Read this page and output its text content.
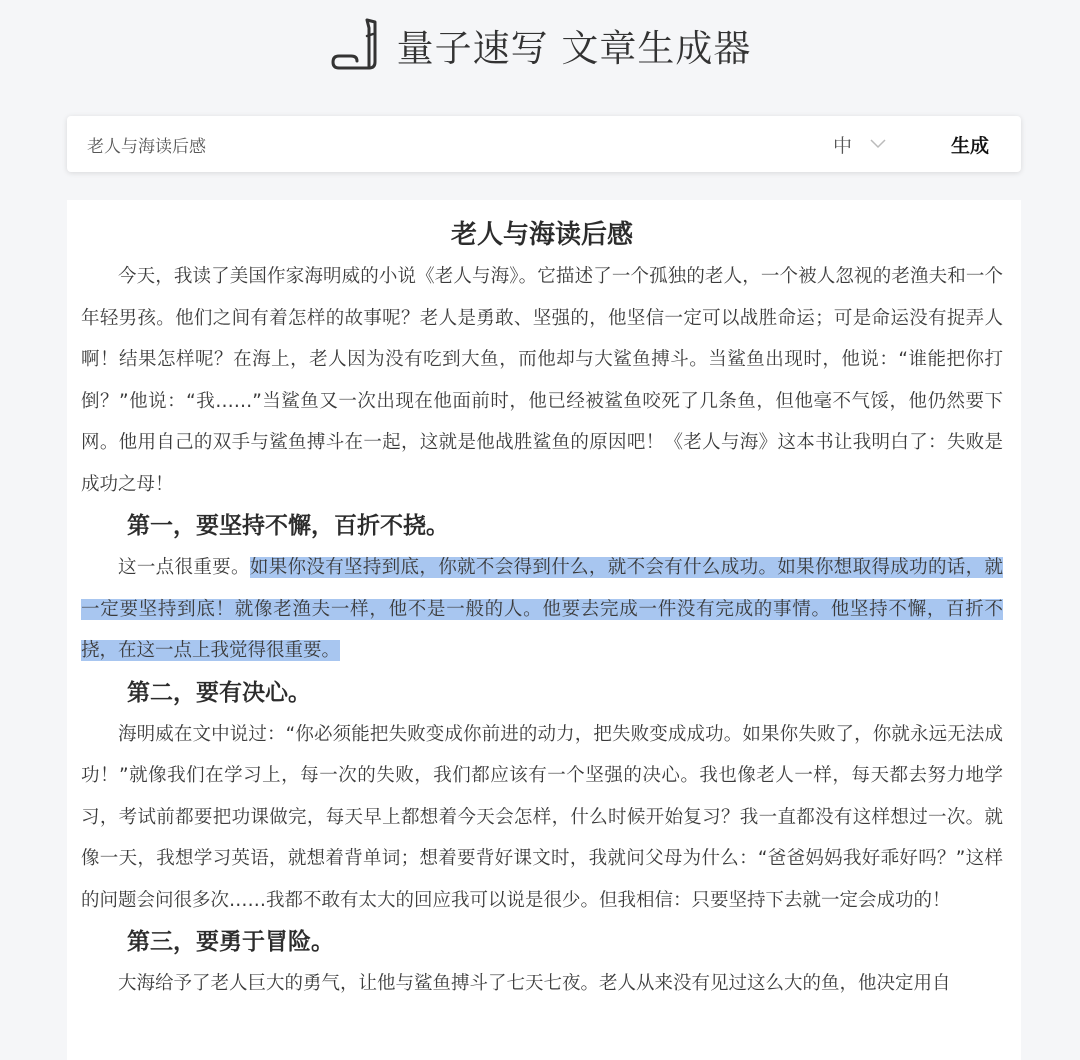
量子速写 文章生成器
老人与海读后感
中	生成
老人与海读后感

今天，我读了美国作家海明威的小说《老人与海》。它描述了一个孤独的老人，一个被人忽视的老渔夫和一个年轻男孩。他们之间有着怎样的故事呢？老人是勇敢、坚强的，他坚信一定可以战胜命运；可是命运没有捉弄人啊！结果怎样呢？在海上，老人因为没有吃到大鱼，而他却与大鲨鱼搏斗。当鲨鱼出现时，他说：“谁能把你打倒？”他说：“我……”当鲨鱼又一次出现在他面前时，他已经被鲨鱼咬死了几条鱼，但他毫不气馁，他仍然要下网。他用自己的双手与鲨鱼搏斗在一起，这就是他战胜鲨鱼的原因吧！《老人与海》这本书让我明白了：失败是成功之母！

第一，要坚持不懈，百折不挠。

这一点很重要。如果你没有坚持到底，你就不会得到什么，就不会有什么成功。如果你想取得成功的话，就一定要坚持到底！就像老渔夫一样，他不是一般的人。他要去完成一件没有完成的事情。他坚持不懈，百折不挠，在这一点上我觉得很重要。

第二，要有决心。

海明威在文中说过：“你必须能把失败变成你前进的动力，把失败变成成功。如果你失败了，你就永远无法成功！”就像我们在学习上，每一次的失败，我们都应该有一个坚强的决心。我也像老人一样，每天都去努力地学习，考试前都要把功课做完，每天早上都想着今天会怎样，什么时候开始复习？我一直都没有这样想过一次。就像一天，我想学习英语，就想着背单词；想着要背好课文时，我就问父母为什么：“爸爸妈妈我好乖好吗？”这样的问题会问很多次……我都不敢有太大的回应我可以说是很少。但我相信：只要坚持下去就一定会成功的！

第三，要勇于冒险。

大海给予了老人巨大的勇气，让他与鲨鱼搏斗了七天七夜。老人从来没有见过这么大的鱼，他决定用自
